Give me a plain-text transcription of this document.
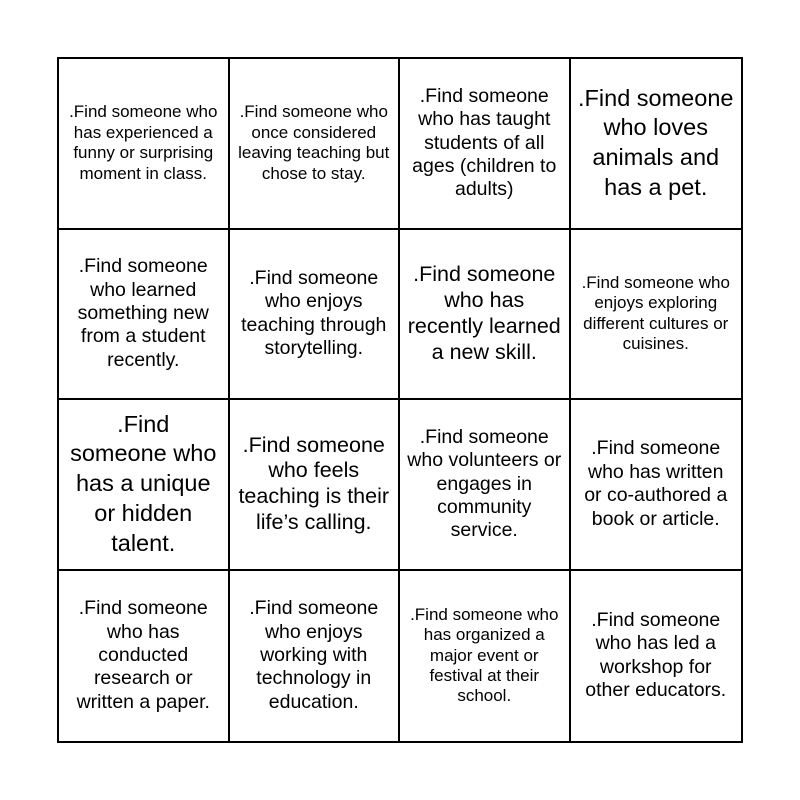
.Find someone who has experienced a funny or surprising moment in class.
.Find someone who once considered leaving teaching but chose to stay.
.Find someone who has taught students of all ages (children to adults)
.Find someone who loves animals and has a pet.
.Find someone who learned something new from a student recently.
.Find someone who enjoys teaching through storytelling.
.Find someone who has recently learned a new skill.
.Find someone who enjoys exploring different cultures or cuisines.
.Find someone who has a unique or hidden talent.
.Find someone who feels teaching is their life’s calling.
.Find someone who volunteers or engages in community service.
.Find someone who has written or co-authored a book or article.
.Find someone who has conducted research or written a paper.
.Find someone who enjoys working with technology in education.
.Find someone who has organized a major event or festival at their school.
.Find someone who has led a workshop for other educators.
